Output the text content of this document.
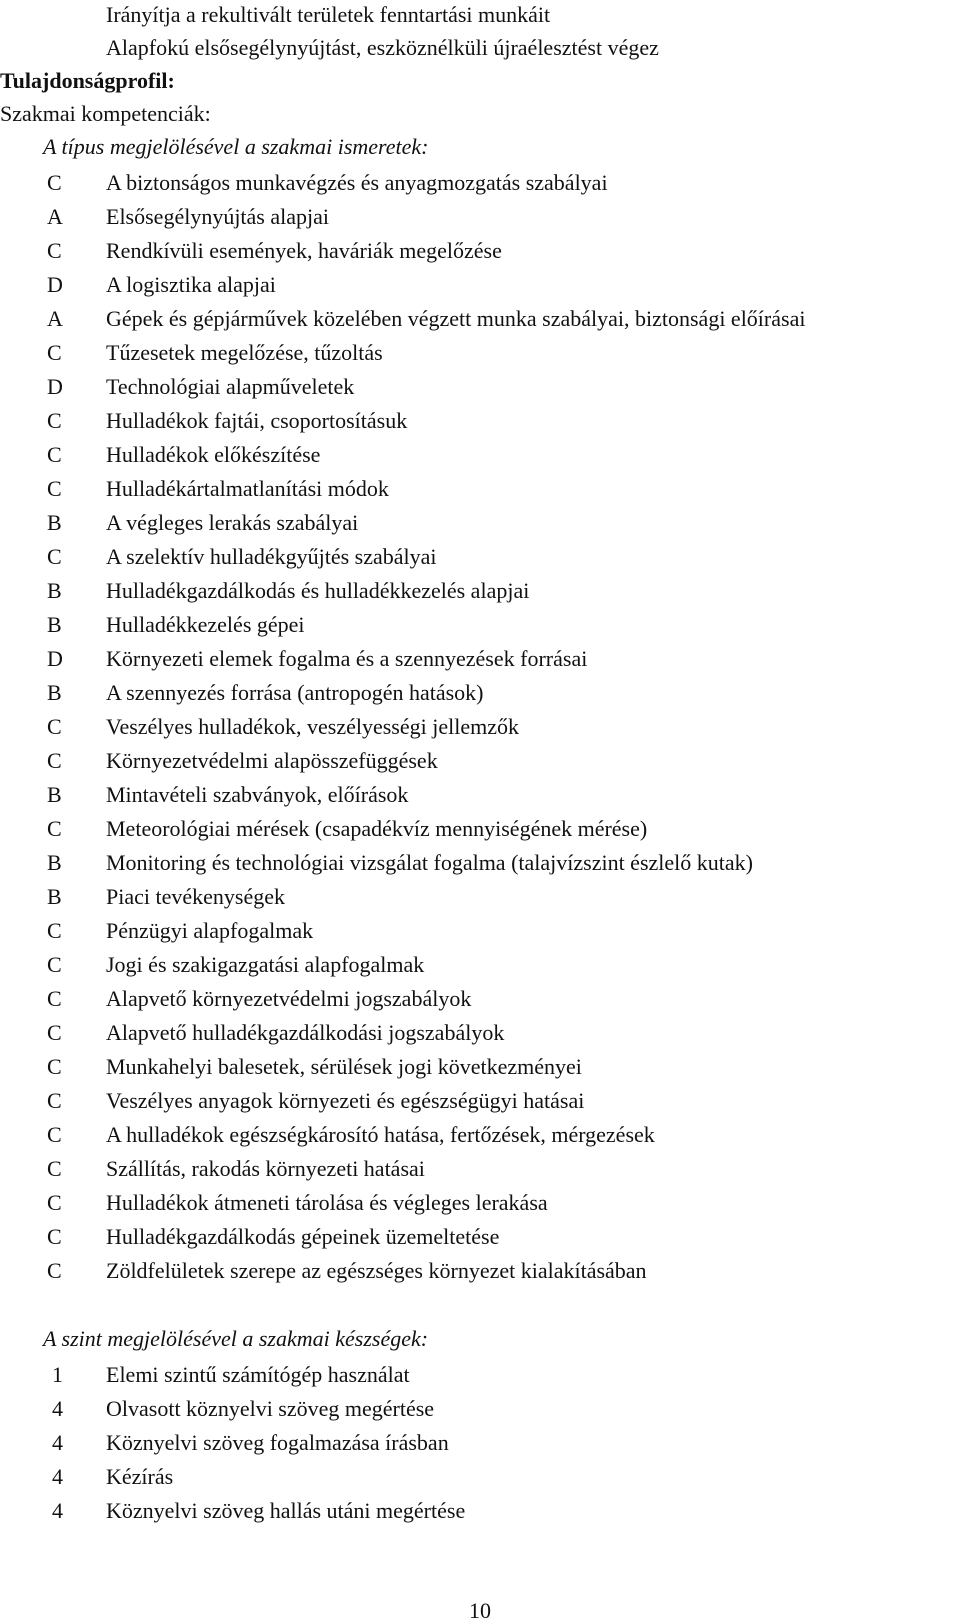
Irányítja a rekultivált területek fenntartási munkáit
Alapfokú elsősegélynyújtást, eszköznélküli újraélesztést végez
Tulajdonságprofil:
Szakmai kompetenciák:
A típus megjelölésével a szakmai ismeretek:
C	A biztonságos munkavégzés és anyagmozgatás szabályai
A Elsősegélynyújtás alapjai
C	Rendkívüli események, haváriák megelőzése
D A logisztika alapjai
A Gépek és gépjárművek közelében végzett munka szabályai, biztonsági előírásai
C	Tűzesetek megelőzése, tűzoltás
D Technológiai alapműveletek
C	Hulladékok fajtái, csoportosításuk
C	Hulladékok előkészítése
C	Hulladékártalmatlanítási módok
B	A végleges lerakás szabályai
C	A szelektív hulladékgyűjtés szabályai
B	Hulladékgazdálkodás és hulladékkezelés alapjai
B	Hulladékkezelés gépei
D Környezeti elemek fogalma és a szennyezések forrásai
B	A szennyezés forrása (antropogén hatások)
C	Veszélyes hulladékok, veszélyességi jellemzők
C	Környezetvédelmi alapösszefüggések
B	Mintavételi szabványok, előírások
C	Meteorológiai mérések (csapadékvíz mennyiségének mérése)
B	Monitoring és technológiai vizsgálat fogalma (talajvízszint észlelő kutak)
B	Piaci tevékenységek
C	Pénzügyi alapfogalmak
C	Jogi és szakigazgatási alapfogalmak
C	Alapvető környezetvédelmi jogszabályok
C	Alapvető hulladékgazdálkodási jogszabályok
C	Munkahelyi balesetek, sérülések jogi következményei
C	Veszélyes anyagok környezeti és egészségügyi hatásai
C	A hulladékok egészségkárosító hatása, fertőzések, mérgezések
C	Szállítás, rakodás környezeti hatásai
C	Hulladékok átmeneti tárolása és végleges lerakása
C	Hulladékgazdálkodás gépeinek üzemeltetése
C	Zöldfelületek szerepe az egészséges környezet kialakításában
A szint megjelölésével a szakmai készségek:
1 Elemi szintű számítógép használat
4 Olvasott köznyelvi szöveg megértése
4 Köznyelvi szöveg fogalmazása írásban
4 Kézírás
4 Köznyelvi szöveg hallás utáni megértése
10
